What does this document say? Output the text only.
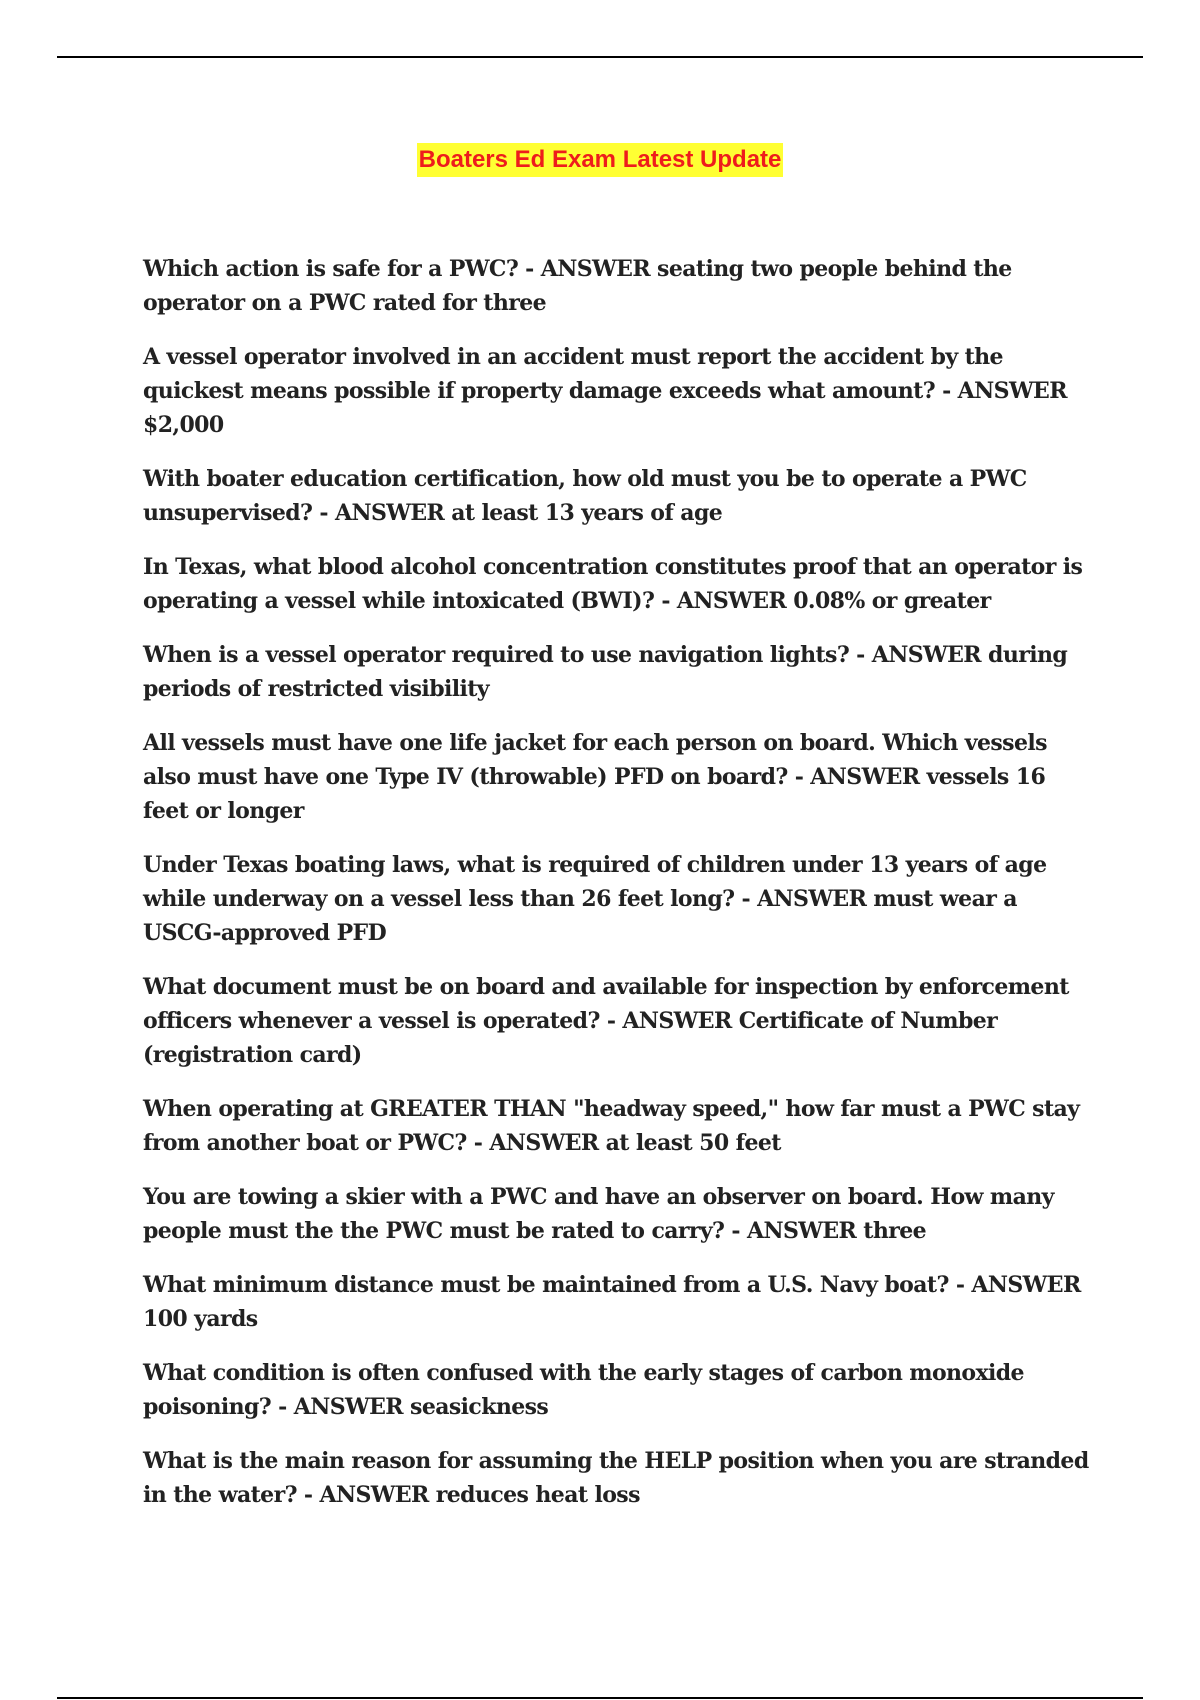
Boaters Ed Exam Latest Update
Which action is safe for a PWC? - ANSWER seating two people behind the operator on a PWC rated for three
A vessel operator involved in an accident must report the accident by the quickest means possible if property damage exceeds what amount? - ANSWER $2,000
With boater education certification, how old must you be to operate a PWC unsupervised? - ANSWER at least 13 years of age
In Texas, what blood alcohol concentration constitutes proof that an operator is operating a vessel while intoxicated (BWI)? - ANSWER 0.08% or greater
When is a vessel operator required to use navigation lights? - ANSWER during periods of restricted visibility
All vessels must have one life jacket for each person on board. Which vessels also must have one Type IV (throwable) PFD on board? - ANSWER vessels 16 feet or longer
Under Texas boating laws, what is required of children under 13 years of age while underway on a vessel less than 26 feet long? - ANSWER must wear a USCG-approved PFD
What document must be on board and available for inspection by enforcement officers whenever a vessel is operated? - ANSWER Certificate of Number (registration card)
When operating at GREATER THAN "headway speed," how far must a PWC stay from another boat or PWC? - ANSWER at least 50 feet
You are towing a skier with a PWC and have an observer on board. How many people must the the PWC must be rated to carry? - ANSWER three
What minimum distance must be maintained from a U.S. Navy boat? - ANSWER 100 yards
What condition is often confused with the early stages of carbon monoxide poisoning? - ANSWER seasickness
What is the main reason for assuming the HELP position when you are stranded in the water? - ANSWER reduces heat loss
